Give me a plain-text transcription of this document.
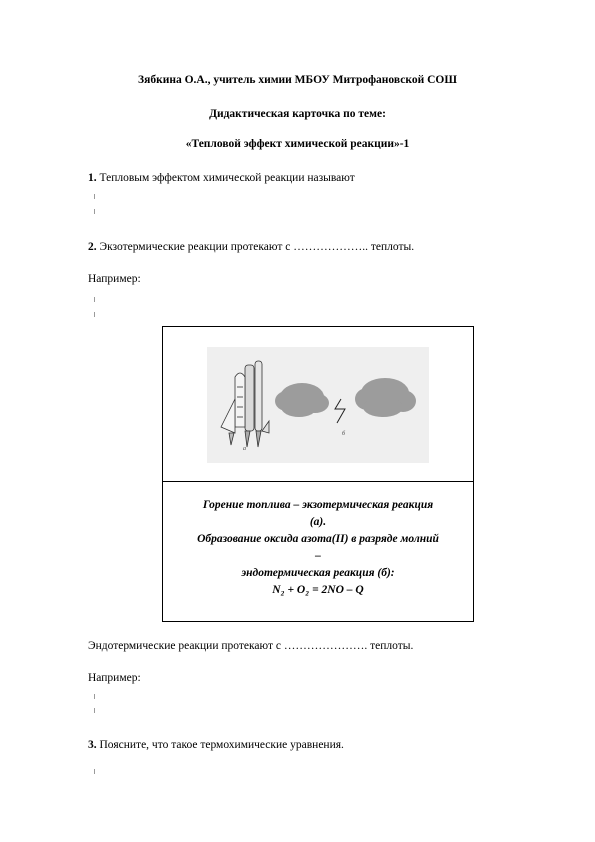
Зябкина О.А., учитель химии МБОУ Митрофановской СОШ
Дидактическая карточка по теме:
«Тепловой эффект химической реакции»-1
1. Тепловым эффектом химической реакции называют
2. Экзотермические реакции протекают с ……………….. теплоты.
Например:
а
б
Горение топлива – экзотермическая реакция
(а).
Образование оксида азота(II) в разряде молний
–
эндотермическая реакция (б):
N₂ + O₂ = 2NO – Q
Эндотермические реакции протекают с …………………. теплоты.
Например:
3. Поясните, что такое термохимические уравнения.
